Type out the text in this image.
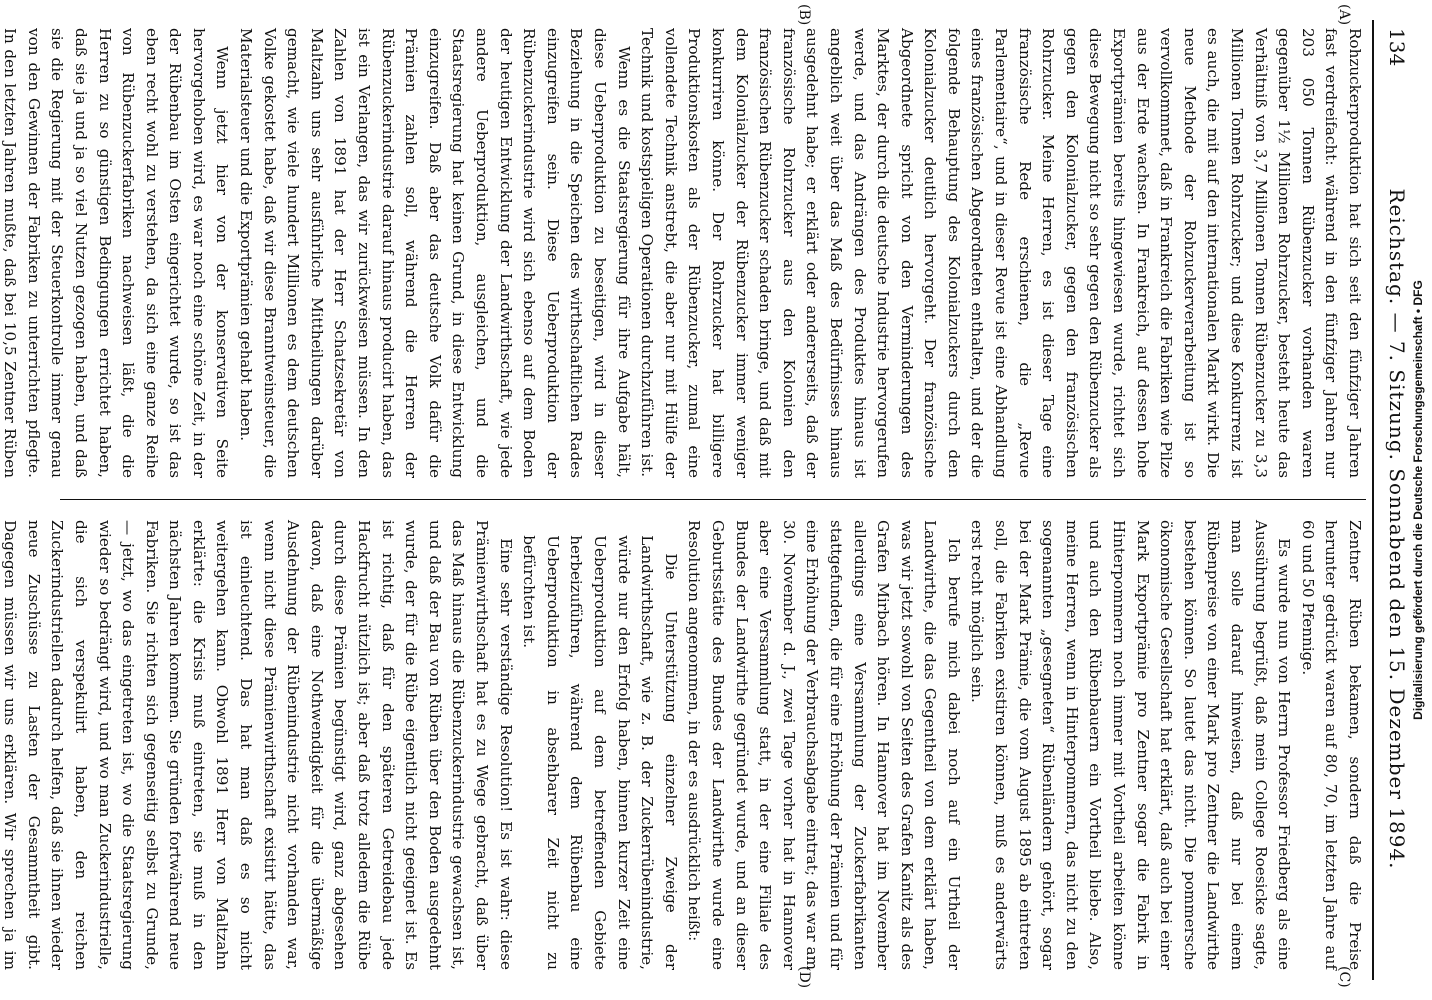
134
Reichstag. — 7. Sitzung. Sonnabend den 15. Dezember 1894.
(A)
(B)
(C)
(D)

Rohzuckerproduktion hat sich seit den fünfziger Jahren fast verdreifacht: während in den fünfziger Jahren nur 203 050 Tonnen Rübenzucker vorhanden waren gegenüber 1½ Millionen Rohrzucker, besteht heute das Verhältniß von 3,7 Millionen Tonnen Rübenzucker zu 3,3 Millionen Tonnen Rohrzucker; und diese Konkurrenz ist es auch, die mit auf den internationalen Markt wirkt. Die neue Methode der Rohzuckerverarbeitung ist so vervollkommnet, daß in Frankreich die Fabriken wie Pilze aus der Erde wachsen. In Frankreich, auf dessen hohe Exportprämien bereits hingewiesen wurde, richtet sich diese Bewegung nicht so sehr gegen den Rübenzucker als gegen den Kolonialzucker, gegen den französischen Rohrzucker. Meine Herren, es ist dieser Tage eine französische Rede erschienen, die „Revue Parlementaire“, und in dieser Revue ist eine Abhandlung eines französischen Abgeordneten enthalten, und der die folgende Behauptung des Kolonialzuckers durch den Kolonialzucker deutlich hervorgeht. Der französische Abgeordnete spricht von den Verminderungen des Marktes, der durch die deutsche Industrie hervorgerufen werde, und das Andrängen des Produktes hinaus ist angeblich weit über das Maß des Bedürfnisses hinaus ausgedehnt habe; er erklärt oder andererseits, daß der französische Rohrzucker aus den Kolonien den französischen Rübenzucker schaden bringe, und daß mit dem Kolonialzucker der Rübenzucker immer weniger konkurriren könne. Der Rohrzucker hat billigere Produktionskosten als der Rübenzucker, zumal eine vollendete Technik anstrebt, die aber nur mit Hülfe der Technik und kostspieligen Operationen durchzuführen ist.

Wenn es die Staatsregierung für ihre Aufgabe hält, diese Ueberproduktion zu beseitigen, wird in dieser Beziehung in die Speichen des wirthschaftlichen Rades einzugreifen sein. Diese Ueberproduktion der Rübenzuckerindustrie wird sich ebenso auf dem Boden der heutigen Entwicklung der Landwirthschaft, wie jede andere Ueberproduktion, ausgleichen, und die Staatsregierung hat keinen Grund, in diese Entwicklung einzugreifen. Daß aber das deutsche Volk dafür die Prämien zahlen soll, während die Herren der Rübenzuckerindustrie darauf hinaus producirt haben, das ist ein Verlangen, das wir zurückweisen müssen. In den Zahlen von 1891 hat der Herr Schatzsekretär von Maltzahn uns sehr ausführliche Mittheilungen darüber gemacht, wie viele hundert Millionen es dem deutschen Volke gekostet habe, daß wir diese Branntweinsteuer, die Materialsteuer und die Exportprämien gehabt haben.

Wenn jetzt hier von der konservativen Seite hervorgehoben wird, es war noch eine schöne Zeit, in der der Rübenbau im Osten eingerichtet wurde, so ist das eben recht wohl zu verstehen, da sich eine ganze Reihe von Rübenzuckerfabriken nachweisen läßt, die die Herren zu so günstigen Bedingungen errichtet haben, daß sie ja und ja so viel Nutzen gezogen haben, und daß sie die Regierung mit der Steuerkontrolle immer genau von den Gewinnen der Fabriken zu unterrichten pflegte. In den letzten Jahren mußte, daß bei 10,5 Zentner Rüben

Zentner Rüben bekamen, sondern daß die Preise herunter gedrückt waren auf 80, 70, im letzten Jahre auf 60 und 50 Pfennige.

Es wurde nun von Herrn Professor Friedberg als eine Aussührung begrüßt, daß mein College Roesicke sagte, man solle darauf hinweisen, daß nur bei einem Rübenpreise von einer Mark pro Zentner die Landwirthe bestehen können. So lautet das nicht. Die pommersche ökonomische Gesellschaft hat erklärt, daß auch bei einer Mark Exportprämie pro Zentner sogar die Fabrik in Hinterpommern noch immer mit Vortheil arbeiten könne und auch den Rübenbauern ein Vortheil bliebe. Also, meine Herren, wenn in Hinterpommern, das nicht zu den sogenannten „gesegneten“ Rübenländern gehört, sogar bei der Mark Prämie, die vom August 1895 ab eintreten soll, die Fabriken existiren können, muß es anderwärts erst recht möglich sein.

Ich berufe mich dabei noch auf ein Urtheil der Landwirthe, die das Gegentheil von dem erklärt haben, was wir jetzt sowohl von Seiten des Grafen Kanitz als des Grafen Mirbach hören. In Hannover hat im November allerdings eine Versammlung der Zuckerfabrikanten stattgefunden, die für eine Erhöhung der Prämien und für eine Erhöhung der Verbrauchsabgabe eintrat; das war am 30. November d. J., zwei Tage vorher hat in Hannover aber eine Versammlung statt, in der eine Filiale des Bundes der Landwirthe gegründet wurde, und an dieser Geburtsstätte des Bundes der Landwirthe wurde eine Resolution angenommen, in der es ausdrücklich heißt:

Die Unterstützung einzelner Zweige der Landwirthschaft, wie z. B. der Zuckerrübenindustrie, würde nur den Erfolg haben, binnen kurzer Zeit eine Ueberproduktion auf dem betreffenden Gebiete herbeizuführen, während dem Rübenbau eine Ueberproduktion in absehbarer Zeit nicht zu befürchten ist.

Eine sehr verständige Resolution! Es ist wahr: diese Prämienwirthschaft hat es zu Wege gebracht, daß über das Maß hinaus die Rübenzuckerindustrie gewachsen ist, und daß der Bau von Rüben über den Boden ausgedehnt wurde, der für die Rübe eigentlich nicht geeignet ist. Es ist richtig, daß für den späteren Getreidebau jede Hackfrucht nützlich ist; aber daß trotz alledem die Rübe durch diese Prämien begünstigt wird, ganz abgesehen davon, daß eine Nothwendigkeit für die übermäßige Ausdehnung der Rübenindustrie nicht vorhanden war, wenn nicht diese Prämienwirthschaft existirt hätte, das ist einleuchtend. Das hat man daß es so nicht weitergehen kann. Obwohl 1891 Herr von Maltzahn erklärte: die Krisis muß eintreten, sie muß in den nächsten Jahren kommen. Sie gründen fortwährend neue Fabriken. Sie richten sich gegenseitig selbst zu Grunde, — jetzt, wo das eingetreten ist, wo die Staatsregierung wieder so bedrängt wird, und wo man Zuckerindustrielle, die sich verspekulirt haben, den reichen Zuckerindustriellen dadurch helfen, daß sie ihnen wieder neue Zuschüsse zu Lasten der Gesammtheit gibt. Dagegen müssen wir uns erklären. Wir sprechen ja im

Digitalisierung gefördert durch die Deutsche Forschungsgemeinschaft • DFG
